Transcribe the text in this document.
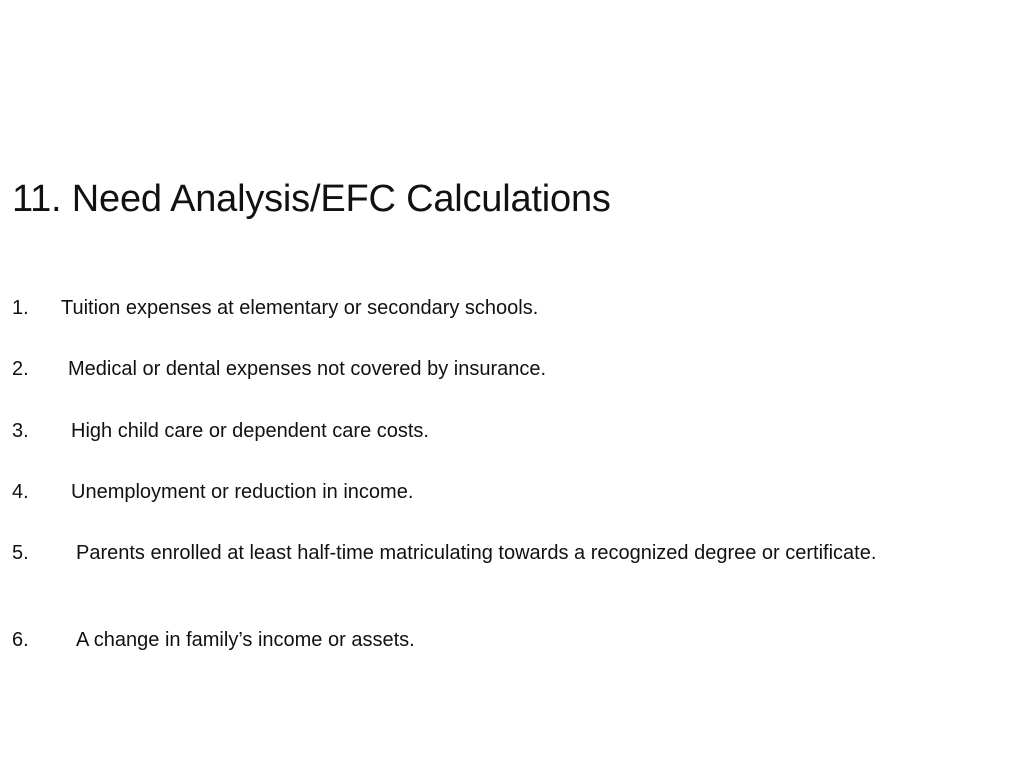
11. Need Analysis/EFC Calculations
1.	Tuition expenses at elementary or secondary schools.
2.	Medical or dental expenses not covered by insurance.
3.	High child care or dependent care costs.
4.	Unemployment or reduction in income.
5.	Parents enrolled at least half-time matriculating towards a recognized degree or certificate.
6.	A change in family’s income or assets.
